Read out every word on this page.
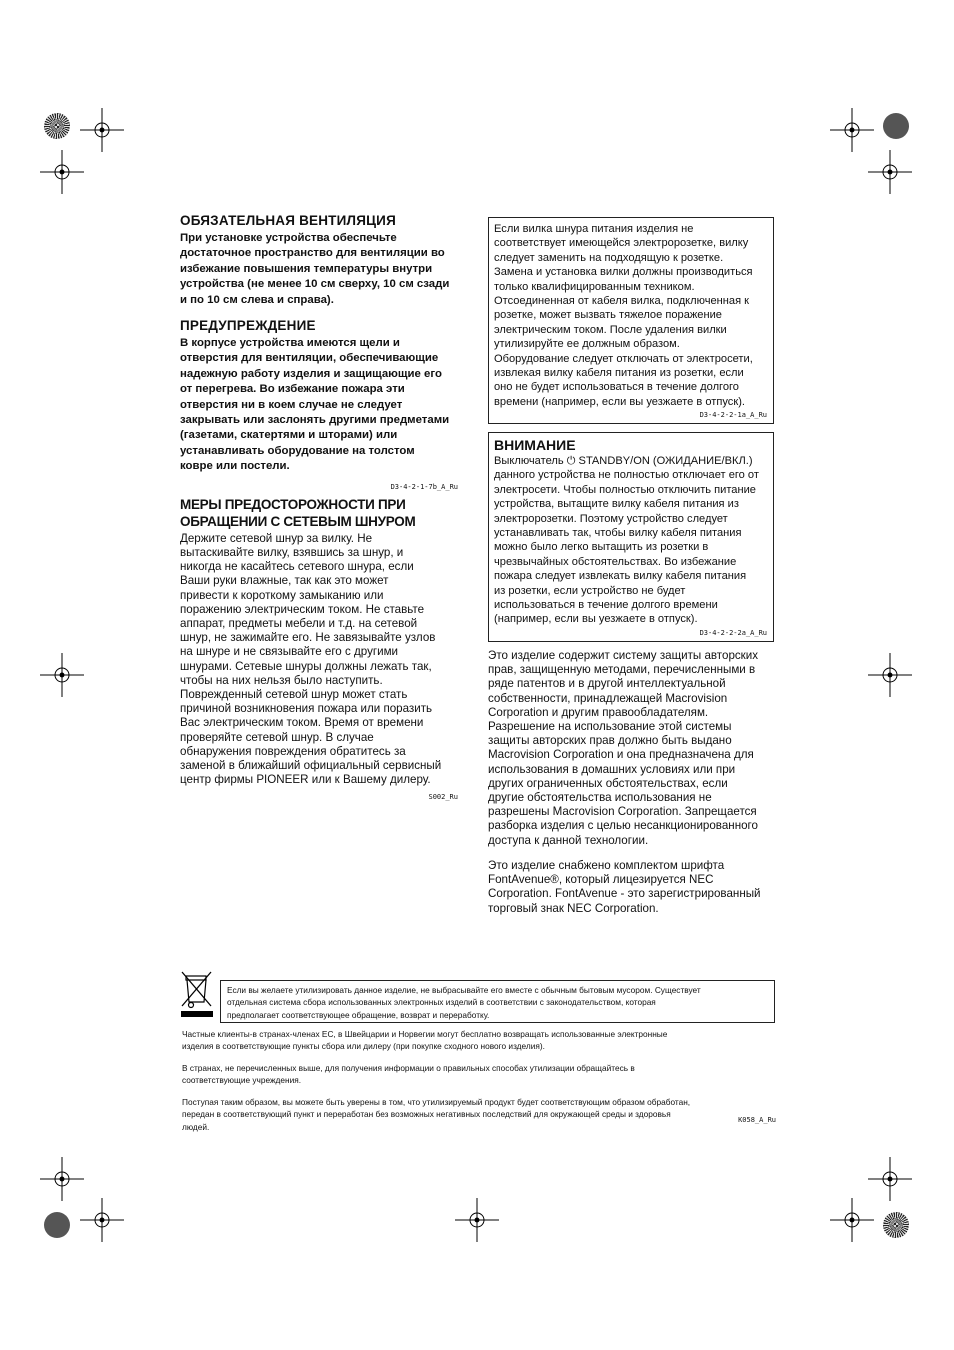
ОБЯЗАТЕЛЬНАЯ ВЕНТИЛЯЦИЯ

При установке устройства обеспечьте

достаточное пространство для вентиляции во

избежание повышения температуры внутри

устройства (не менее 10 см сверху, 10 см сзади

и по 10 см слева и справа).

ПРЕДУПРЕЖДЕНИЕ

В корпусе устройства имеются щели и

отверстия для вентиляции, обеспечивающие

надежную работу изделия и защищающие его

от перегрева. Во избежание пожара эти

отверстия ни в коем случае не следует

закрывать или заслонять другими предметами

(газетами, скатертями и шторами) или

устанавливать оборудование на толстом

ковре или постели.

D3-4-2-1-7b_A_Ru
МЕРЫ ПРЕДОСТОРОЖНОСТИ ПРИ
ОБРАЩЕНИИ С СЕТЕВЫМ ШНУРОМ

Держите сетевой шнур за вилку. Не

вытаскивайте вилку, взявшись за шнур, и

никогда не касайтесь сетевого шнура, если

Ваши руки влажные, так как это может

привести к короткому замыканию или

поражению электрическим током. Не ставьте

аппарат, предметы мебели и т.д. на сетевой

шнур, не зажимайте его. Не завязывайте узлов

на шнуре и не связывайте его с другими

шнурами. Сетевые шнуры должны лежать так,

чтобы на них нельзя было наступить.

Поврежденный сетевой шнур может стать

причиной возникновения пожара или поразить

Вас электрическим током. Время от времени

проверяйте сетевой шнур. В случае

обнаружения повреждения обратитесь за

заменой в ближайший официальный сервисный

центр фирмы PIONEER или к Вашему дилеру.

S002_Ru

Если вилка шнура питания изделия не

соответствует имеющейся электророзетке, вилку

следует заменить на подходящую к розетке.

Замена и установка вилки должны производиться

только квалифицированным техником.

Отсоединенная от кабеля вилка, подключенная к

розетке, может вызвать тяжелое поражение

электрическим током. После удаления вилки

утилизируйте ее должным образом.

Оборудование следует отключать от электросети,

извлекая вилку кабеля питания из розетки, если

оно не будет использоваться в течение долгого

времени (например, если вы уезжаете в отпуск).

D3-4-2-2-1a_A_Ru
ВНИМАНИЕ

Выключатель ⏻ STANDBY/ON (ОЖИДАНИЕ/ВКЛ.)

данного устройства не полностью отключает его от

электросети. Чтобы полностью отключить питание

устройства, вытащите вилку кабеля питания из

электророзетки. Поэтому устройство следует

устанавливать так, чтобы вилку кабеля питания

можно было легко вытащить из розетки в

чрезвычайных обстоятельствах. Во избежание

пожара следует извлекать вилку кабеля питания

из розетки, если устройство не будет

использоваться в течение долгого времени

(например, если вы уезжаете в отпуск).

D3-4-2-2-2a_A_Ru

Это изделие содержит систему защиты авторских

прав, защищенную методами, перечисленными в

ряде патентов и в другой интеллектуальной

собственности, принадлежащей Macrovision

Corporation и другим правообладателям.

Разрешение на использование этой системы

защиты авторских прав должно быть выдано

Macrovision Corporation и она предназначена для

использования в домашних условиях или при

других ограниченных обстоятельствах, если

другие обстоятельства использования не

разрешены Macrovision Corporation. Запрещается

разборка изделия с целью несанкционированного

доступа к данной технологии.

Это изделие снабжено комплектом шрифта

FontAvenue®, который лицезируется NEC

Corporation. FontAvenue - это зарегистрированный

торговый знак NEC Corporation.

Если вы желаете утилизировать данное изделие, не выбрасывайте его вместе с обычным бытовым мусором. Существует

отдельная система сбора использованных электронных изделий в соответствии с законодательством, которая

предполагает соответствующее обращение, возврат и переработку.

Частные клиенты-в странах-членах ЕС, в Швейцарии и Норвегии могут бесплатно возвращать использованные электронные

изделия в соответствующие пункты сбора или дилеру (при покупке сходного нового изделия).

В странах, не перечисленных выше, для получения информации о правильных способах утилизации обращайтесь в

соответствующие учреждения.

Поступая таким образом, вы можете быть уверены в том, что утилизируемый продукт будет соответствующим образом обработан,

передан в соответствующий пункт и переработан без возможных негативных последствий для окружающей среды и здоровья

людей.

K058_A_Ru
